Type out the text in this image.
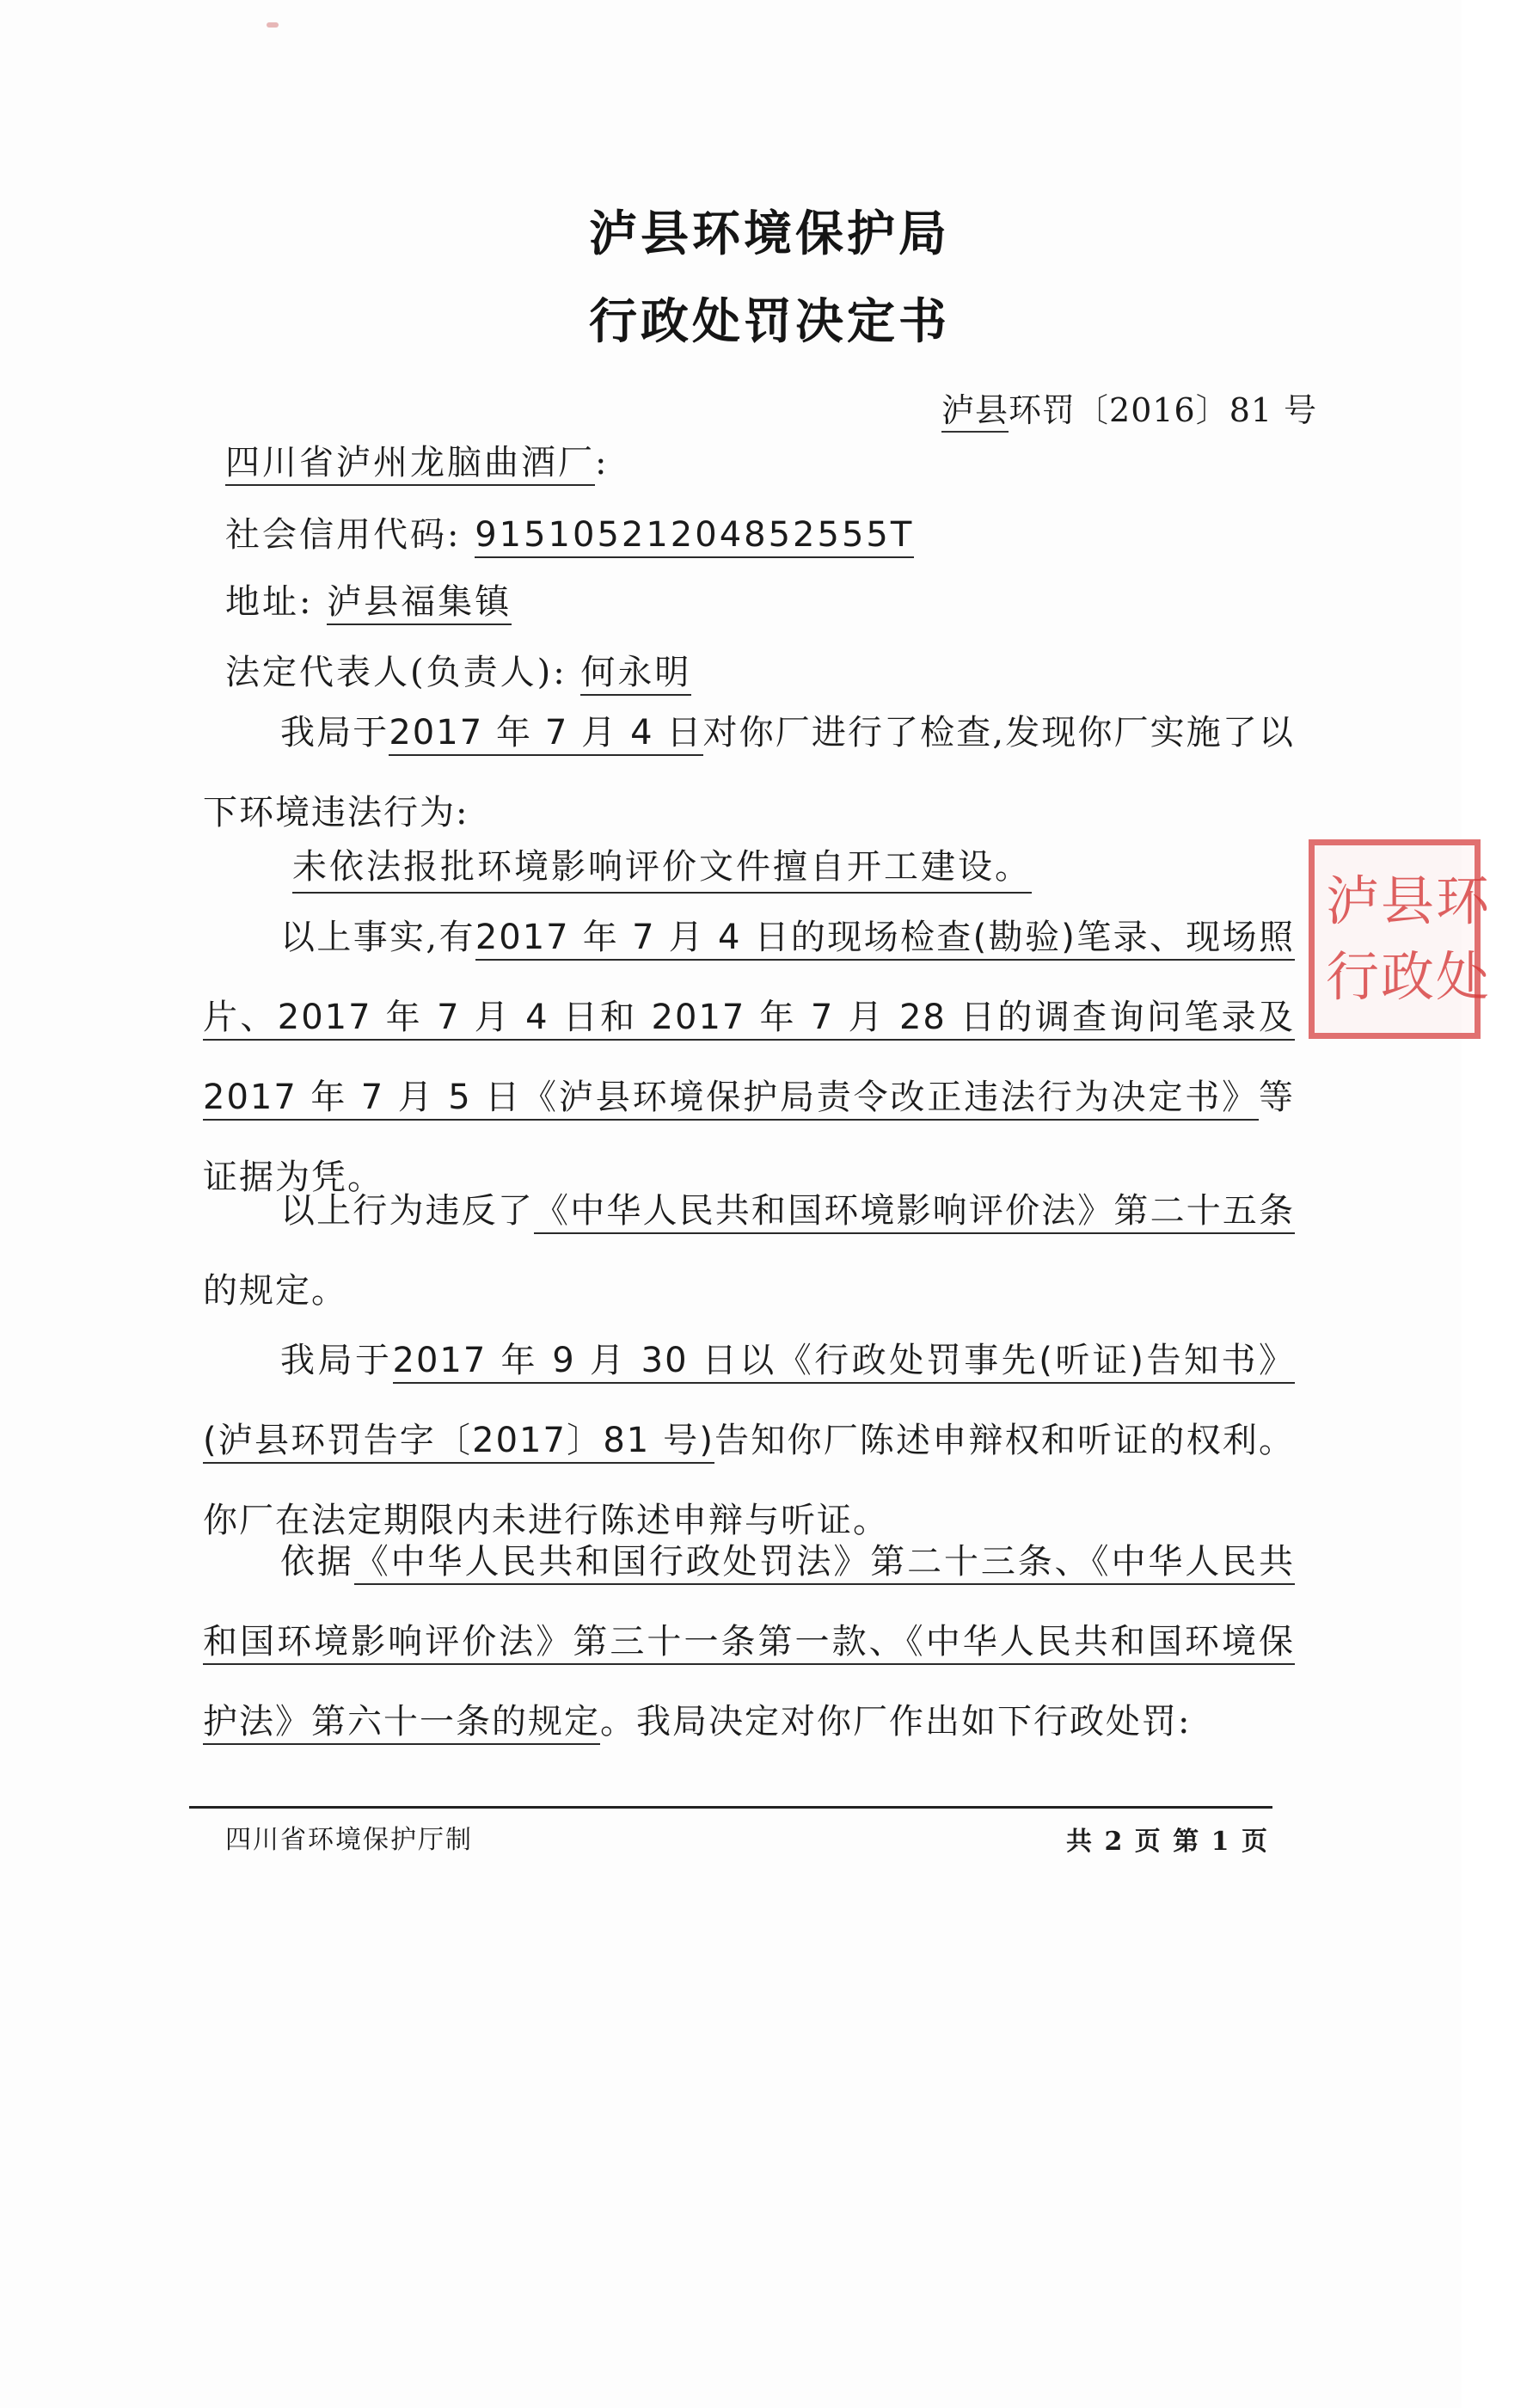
泸县环境保护局
行政处罚决定书
泸县环罚〔2016〕81 号
四川省泸州龙脑曲酒厂:
社会信用代码: 91510521204852555T
地址: 泸县福集镇
法定代表人(负责人): 何永明
我局于2017 年 7 月 4 日对你厂进行了检查,发现你厂实施了以下环境违法行为:
未依法报批环境影响评价文件擅自开工建设。
以上事实,有2017 年 7 月 4 日的现场检查(勘验)笔录、现场照片、2017 年 7 月 4 日和 2017 年 7 月 28 日的调查询问笔录及 2017 年 7 月 5 日《泸县环境保护局责令改正违法行为决定书》等证据为凭。
以上行为违反了《中华人民共和国环境影响评价法》第二十五条的规定。
我局于2017 年 9 月 30 日以《行政处罚事先(听证)告知书》(泸县环罚告字〔2017〕81 号)告知你厂陈述申辩权和听证的权利。你厂在法定期限内未进行陈述申辩与听证。
依据《中华人民共和国行政处罚法》第二十三条、《中华人民共和国环境影响评价法》第三十一条第一款、《中华人民共和国环境保护法》第六十一条的规定。我局决定对你厂作出如下行政处罚:
四川省环境保护厅制	共 2 页 第 1 页
泸县环
行政处
